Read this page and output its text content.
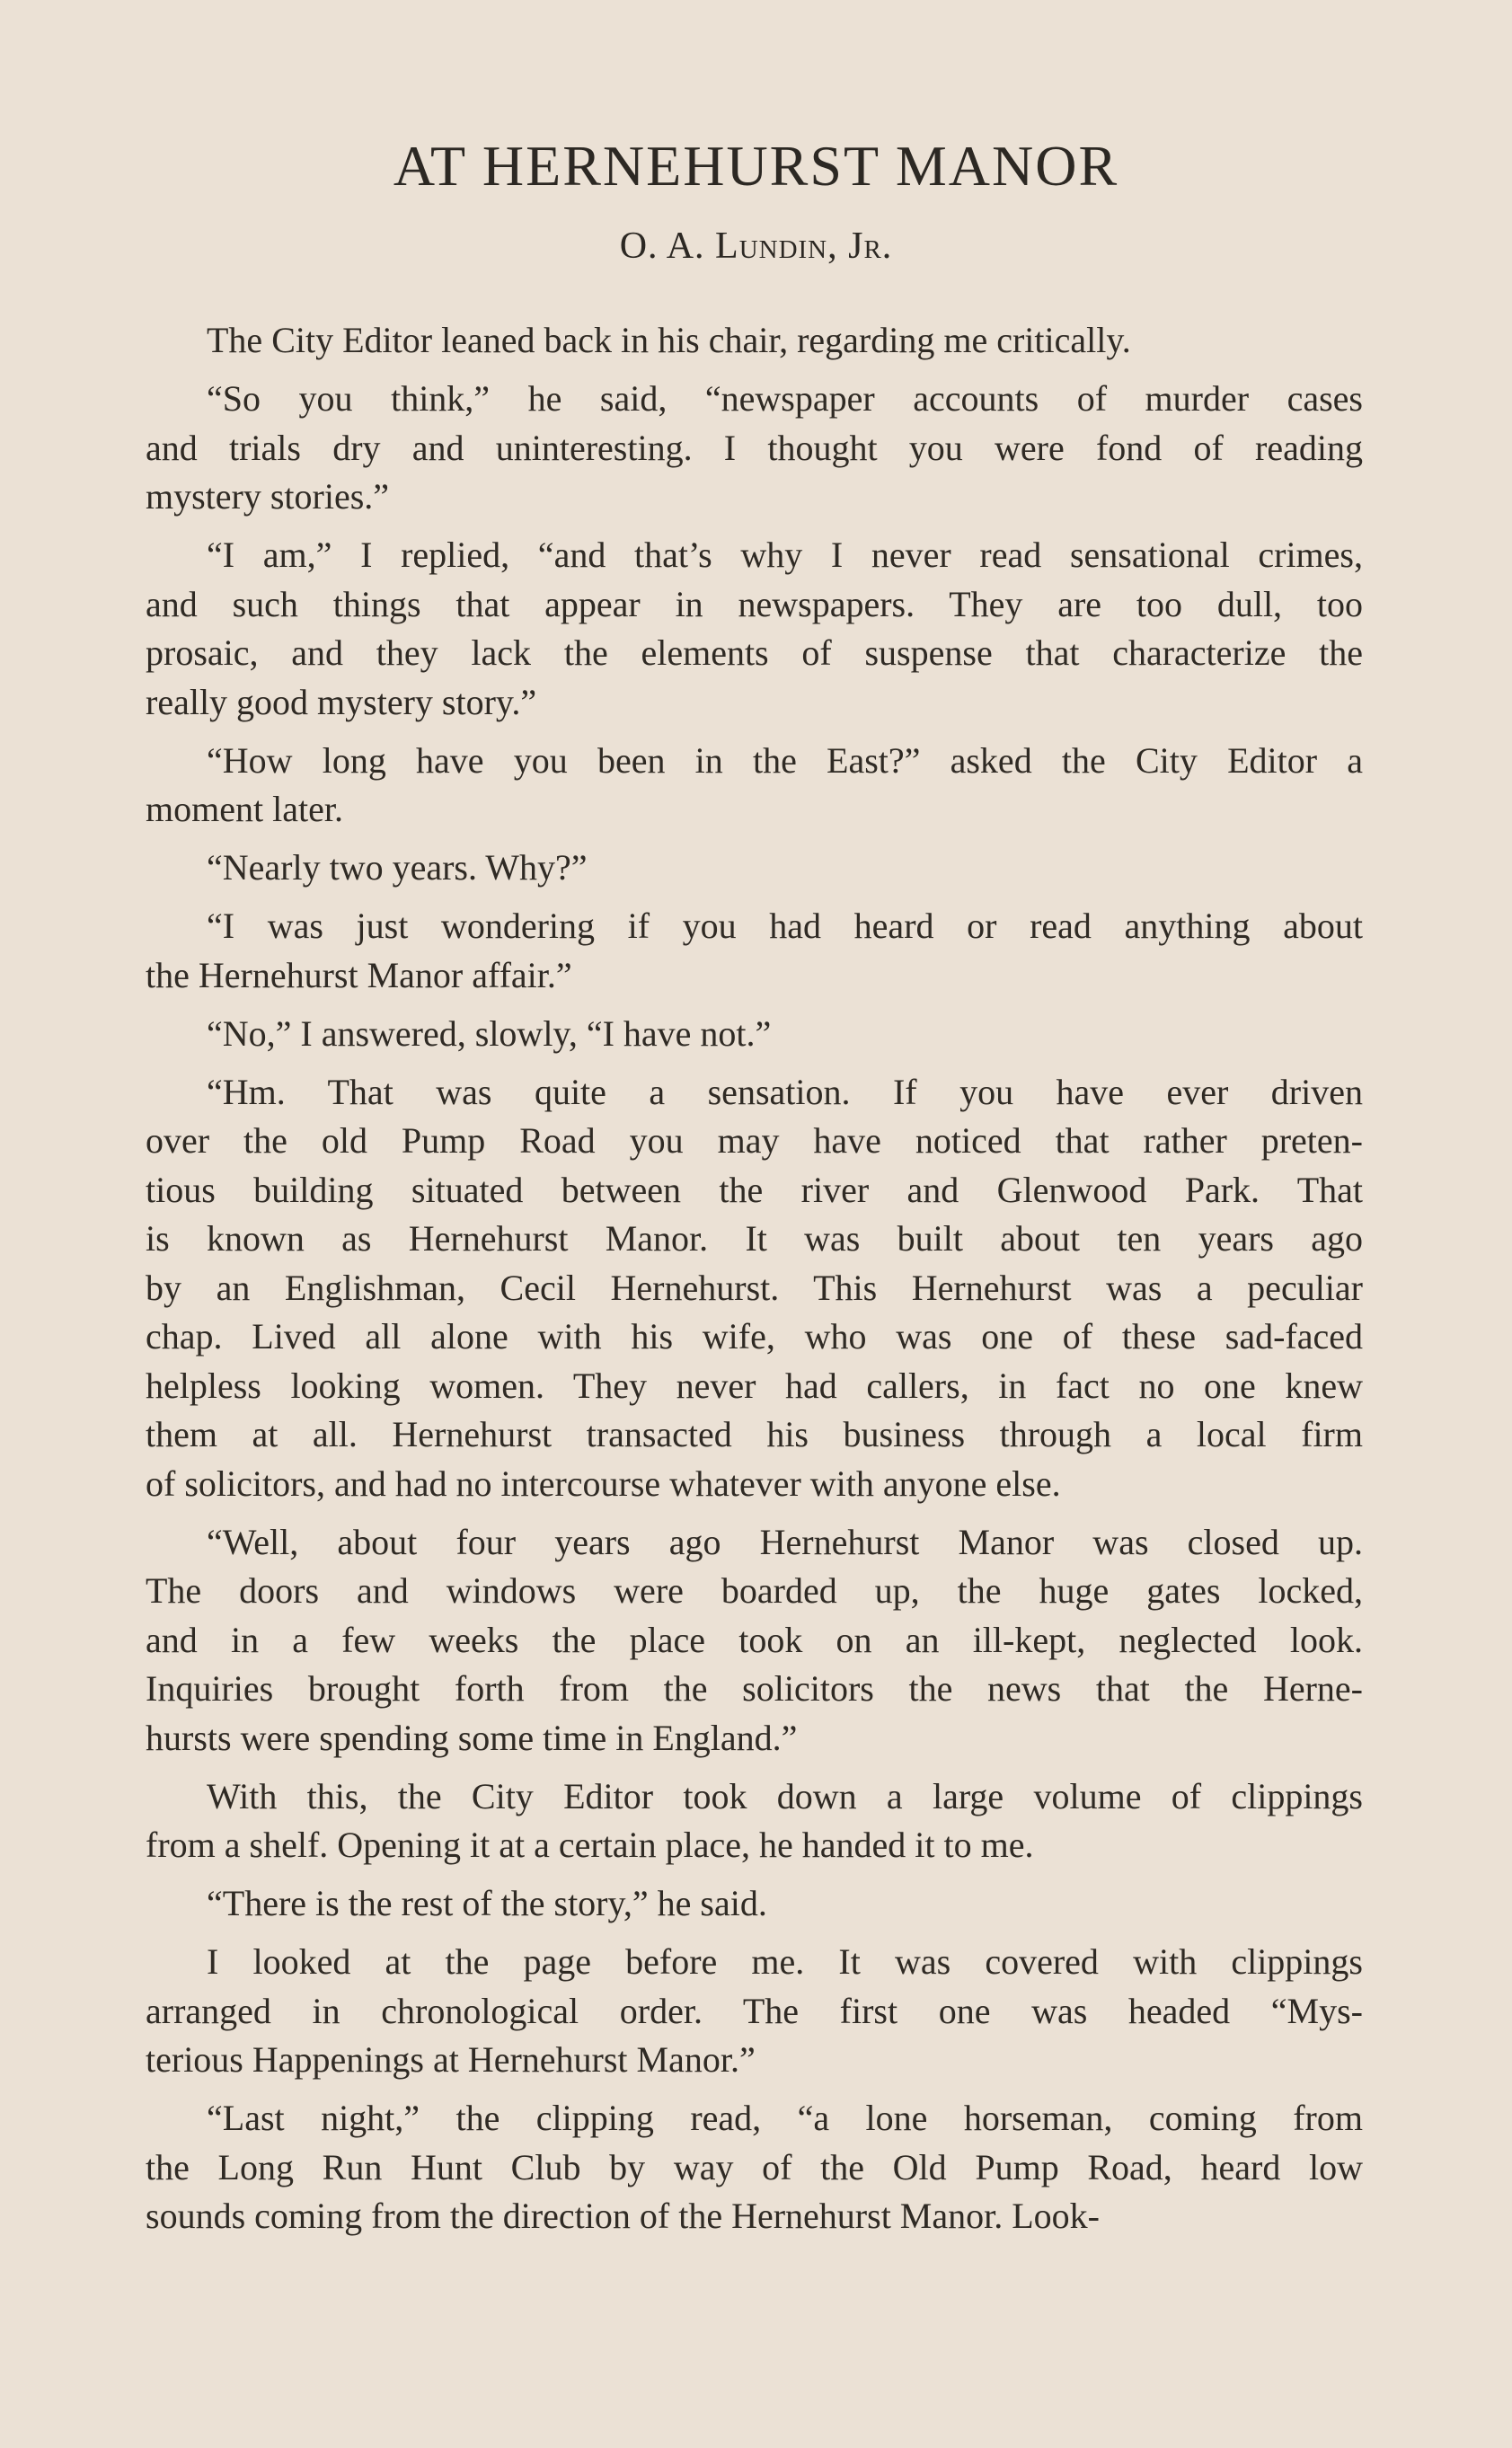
AT HERNEHURST MANOR
O. A. Lundin, Jr.
The City Editor leaned back in his chair, regarding me critically.
“So you think,” he said, “newspaper accounts of murder cases
and trials dry and uninteresting. I thought you were fond of reading
mystery stories.”
“I am,” I replied, “and that’s why I never read sensational crimes,
and such things that appear in newspapers. They are too dull, too
prosaic, and they lack the elements of suspense that characterize the
really good mystery story.”
“How long have you been in the East?” asked the City Editor a
moment later.
“Nearly two years. Why?”
“I was just wondering if you had heard or read anything about
the Hernehurst Manor affair.”
“No,” I answered, slowly, “I have not.”
“Hm. That was quite a sensation. If you have ever driven
over the old Pump Road you may have noticed that rather preten-
tious building situated between the river and Glenwood Park. That
is known as Hernehurst Manor. It was built about ten years ago
by an Englishman, Cecil Hernehurst. This Hernehurst was a peculiar
chap. Lived all alone with his wife, who was one of these sad-faced
helpless looking women. They never had callers, in fact no one knew
them at all. Hernehurst transacted his business through a local firm
of solicitors, and had no intercourse whatever with anyone else.
“Well, about four years ago Hernehurst Manor was closed up.
The doors and windows were boarded up, the huge gates locked,
and in a few weeks the place took on an ill-kept, neglected look.
Inquiries brought forth from the solicitors the news that the Herne-
hursts were spending some time in England.”
With this, the City Editor took down a large volume of clippings
from a shelf. Opening it at a certain place, he handed it to me.
“There is the rest of the story,” he said.
I looked at the page before me. It was covered with clippings
arranged in chronological order. The first one was headed “Mys-
terious Happenings at Hernehurst Manor.”
“Last night,” the clipping read, “a lone horseman, coming from
the Long Run Hunt Club by way of the Old Pump Road, heard low
sounds coming from the direction of the Hernehurst Manor. Look-
